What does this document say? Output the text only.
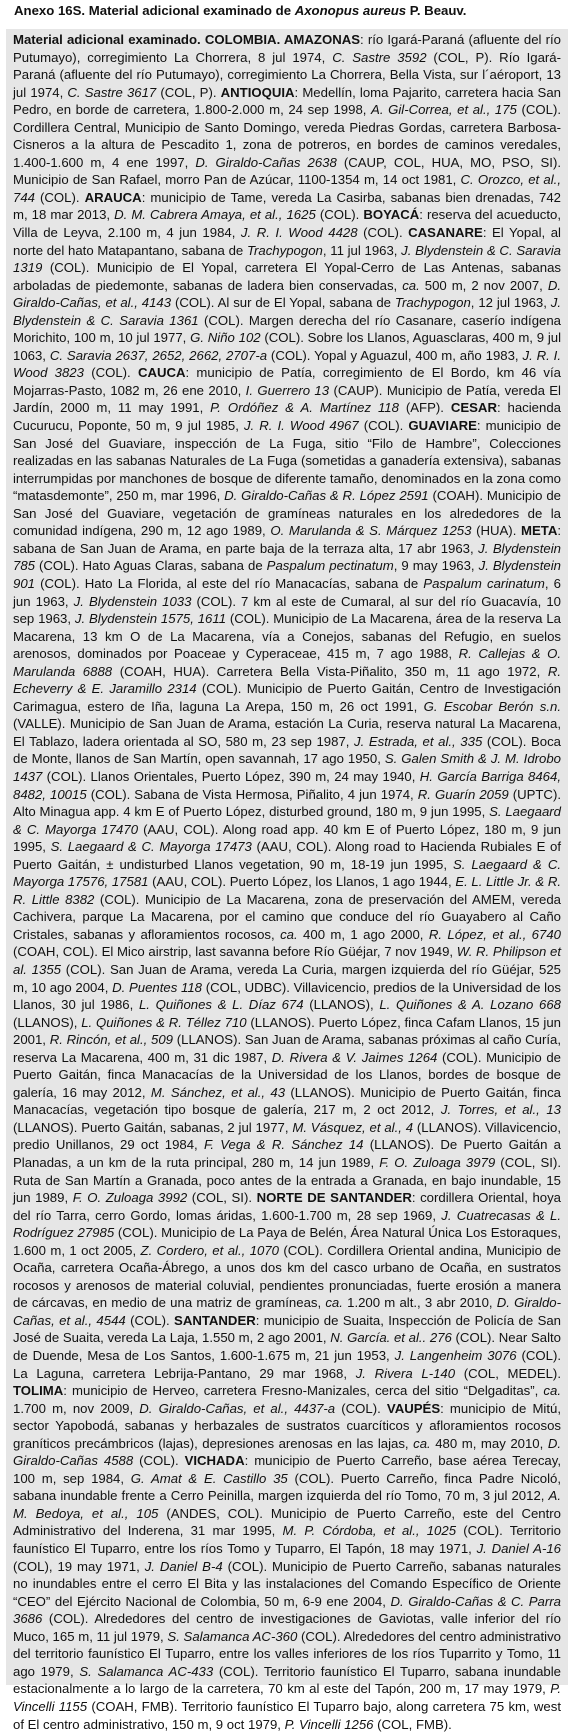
Anexo 16S. Material adicional examinado de Axonopus aureus P. Beauv.

Material adicional examinado. COLOMBIA. AMAZONAS: río Igará-Paraná (afluente del río Putumayo), corregimiento La Chorrera, 8 jul 1974, C. Sastre 3592 (COL, P). Río Igará-Paraná (afluente del río Putumayo), corregimiento La Chorrera, Bella Vista, sur l´aéroport, 13 jul 1974, C. Sastre 3617 (COL, P). ANTIOQUIA: Medellín, loma Pajarito, carretera hacia San Pedro, en borde de carretera, 1.800-2.000 m, 24 sep 1998, A. Gil-Correa, et al., 175 (COL). Cordillera Central, Municipio de Santo Domingo, vereda Piedras Gordas, carretera Barbosa-Cisneros a la altura de Pescadito 1, zona de potreros, en bordes de caminos veredales, 1.400-1.600 m, 4 ene 1997, D. Giraldo-Cañas 2638 (CAUP, COL, HUA, MO, PSO, SI). Municipio de San Rafael, morro Pan de Azúcar, 1100-1354 m, 14 oct 1981, C. Orozco, et al., 744 (COL). ARAUCA: municipio de Tame, vereda La Casirba, sabanas bien drenadas, 742 m, 18 mar 2013, D. M. Cabrera Amaya, et al., 1625 (COL). BOYACÁ: reserva del acueducto, Villa de Leyva, 2.100 m, 4 jun 1984, J. R. I. Wood 4428 (COL). CASANARE: El Yopal, al norte del hato Matapantano, sabana de Trachypogon, 11 jul 1963, J. Blydenstein & C. Saravia 1319 (COL). Municipio de El Yopal, carretera El Yopal-Cerro de Las Antenas, sabanas arboladas de piedemonte, sabanas de ladera bien conservadas, ca. 500 m, 2 nov 2007, D. Giraldo-Cañas, et al., 4143 (COL). Al sur de El Yopal, sabana de Trachypogon, 12 jul 1963, J. Blydenstein & C. Saravia 1361 (COL). Margen derecha del río Casanare, caserío indígena Morichito, 100 m, 10 jul 1977, G. Niño 102 (COL). Sobre los Llanos, Aguasclaras, 400 m, 9 jul 1063, C. Saravia 2637, 2652, 2662, 2707-a (COL). Yopal y Aguazul, 400 m, año 1983, J. R. I. Wood 3823 (COL). CAUCA: municipio de Patía, corregimiento de El Bordo, km 46 vía Mojarras-Pasto, 1082 m, 26 ene 2010, I. Guerrero 13 (CAUP). Municipio de Patía, vereda El Jardín, 2000 m, 11 may 1991, P. Ordóñez & A. Martínez 118 (AFP). CESAR: hacienda Cucurucu, Poponte, 50 m, 9 jul 1985, J. R. I. Wood 4967 (COL). GUAVIARE: municipio de San José del Guaviare, inspección de La Fuga, sitio “Filo de Hambre”, Colecciones realizadas en las sabanas Naturales de La Fuga (sometidas a ganadería extensiva), sabanas interrumpidas por manchones de bosque de diferente tamaño, denominados en la zona como “matasdemonte”, 250 m, mar 1996, D. Giraldo-Cañas & R. López 2591 (COAH). Municipio de San José del Guaviare, vegetación de gramíneas naturales en los alrededores de la comunidad indígena, 290 m, 12 ago 1989, O. Marulanda & S. Márquez 1253 (HUA). META: sabana de San Juan de Arama, en parte baja de la terraza alta, 17 abr 1963, J. Blydenstein 785 (COL). Hato Aguas Claras, sabana de Paspalum pectinatum, 9 may 1963, J. Blydenstein 901 (COL). Hato La Florida, al este del río Manacacías, sabana de Paspalum carinatum, 6 jun 1963, J. Blydenstein 1033 (COL). 7 km al este de Cumaral, al sur del río Guacavía, 10 sep 1963, J. Blydenstein 1575, 1611 (COL). Municipio de La Macarena, área de la reserva La Macarena, 13 km O de La Macarena, vía a Conejos, sabanas del Refugio, en suelos arenosos, dominados por Poaceae y Cyperaceae, 415 m, 7 ago 1988, R. Callejas & O. Marulanda 6888 (COAH, HUA). Carretera Bella Vista-Piñalito, 350 m, 11 ago 1972, R. Echeverry & E. Jaramillo 2314 (COL). Municipio de Puerto Gaitán, Centro de Investigación Carimagua, estero de Iña, laguna La Arepa, 150 m, 26 oct 1991, G. Escobar Berón s.n. (VALLE). Municipio de San Juan de Arama, estación La Curia, reserva natural La Macarena, El Tablazo, ladera orientada al SO, 580 m, 23 sep 1987, J. Estrada, et al., 335 (COL). Boca de Monte, llanos de San Martín, open savannah, 17 ago 1950, S. Galen Smith & J. M. Idrobo 1437 (COL). Llanos Orientales, Puerto López, 390 m, 24 may 1940, H. García Barriga 8464, 8482, 10015 (COL). Sabana de Vista Hermosa, Piñalito, 4 jun 1974, R. Guarín 2059 (UPTC). Alto Minagua app. 4 km E of Puerto López, disturbed ground, 180 m, 9 jun 1995, S. Laegaard & C. Mayorga 17470 (AAU, COL). Along road app. 40 km E of Puerto López, 180 m, 9 jun 1995, S. Laegaard & C. Mayorga 17473 (AAU, COL). Along road to Hacienda Rubiales E of Puerto Gaitán, ± undisturbed Llanos vegetation, 90 m, 18-19 jun 1995, S. Laegaard & C. Mayorga 17576, 17581 (AAU, COL). Puerto López, los Llanos, 1 ago 1944, E. L. Little Jr. & R. R. Little 8382 (COL). Municipio de La Macarena, zona de preservación del AMEM, vereda Cachivera, parque La Macarena, por el camino que conduce del río Guayabero al Caño Cristales, sabanas y afloramientos rocosos, ca. 400 m, 1 ago 2000, R. López, et al., 6740 (COAH, COL). El Mico airstrip, last savanna before Río Güéjar, 7 nov 1949, W. R. Philipson et al. 1355 (COL). San Juan de Arama, vereda La Curia, margen izquierda del río Güéjar, 525 m, 10 ago 2004, D. Puentes 118 (COL, UDBC). Villavicencio, predios de la Universidad de los Llanos, 30 jul 1986, L. Quiñones & L. Díaz 674 (LLANOS), L. Quiñones & A. Lozano 668 (LLANOS), L. Quiñones & R. Téllez 710 (LLANOS). Puerto López, finca Cafam Llanos, 15 jun 2001, R. Rincón, et al., 509 (LLANOS). San Juan de Arama, sabanas próximas al caño Curía, reserva La Macarena, 400 m, 31 dic 1987, D. Rivera & V. Jaimes 1264 (COL). Municipio de Puerto Gaitán, finca Manacacías de la Universidad de los Llanos, bordes de bosque de galería, 16 may 2012, M. Sánchez, et al., 43 (LLANOS). Municipio de Puerto Gaitán, finca Manacacías, vegetación tipo bosque de galería, 217 m, 2 oct 2012, J. Torres, et al., 13 (LLANOS). Puerto Gaitán, sabanas, 2 jul 1977, M. Vásquez, et al., 4 (LLANOS). Villavicencio, predio Unillanos, 29 oct 1984, F. Vega & R. Sánchez 14 (LLANOS). De Puerto Gaitán a Planadas, a un km de la ruta principal, 280 m, 14 jun 1989, F. O. Zuloaga 3979 (COL, SI). Ruta de San Martín a Granada, poco antes de la entrada a Granada, en bajo inundable, 15 jun 1989, F. O. Zuloaga 3992 (COL, SI). NORTE DE SANTANDER: cordillera Oriental, hoya del río Tarra, cerro Gordo, lomas áridas, 1.600-1.700 m, 28 sep 1969, J. Cuatrecasas & L. Rodríguez 27985 (COL). Municipio de La Paya de Belén, Área Natural Única Los Estoraques, 1.600 m, 1 oct 2005, Z. Cordero, et al., 1070 (COL). Cordillera Oriental andina, Municipio de Ocaña, carretera Ocaña-Ábrego, a unos dos km del casco urbano de Ocaña, en sustratos rocosos y arenosos de material coluvial, pendientes pronunciadas, fuerte erosión a manera de cárcavas, en medio de una matriz de gramíneas, ca. 1.200 m alt., 3 abr 2010, D. Giraldo-Cañas, et al., 4544 (COL). SANTANDER: municipio de Suaita, Inspección de Policía de San José de Suaita, vereda La Laja, 1.550 m, 2 ago 2001, N. García. et al.. 276 (COL). Near Salto de Duende, Mesa de Los Santos, 1.600-1.675 m, 21 jun 1953, J. Langenheim 3076 (COL). La Laguna, carretera Lebrija-Pantano, 29 mar 1968, J. Rivera L-140 (COL, MEDEL). TOLIMA: municipio de Herveo, carretera Fresno-Manizales, cerca del sitio “Delgaditas”, ca. 1.700 m, nov 2009, D. Giraldo-Cañas, et al., 4437-a (COL). VAUPÉS: municipio de Mitú, sector Yapobodá, sabanas y herbazales de sustratos cuarcíticos y afloramientos rocosos graníticos precámbricos (lajas), depresiones arenosas en las lajas, ca. 480 m, may 2010, D. Giraldo-Cañas 4588 (COL). VICHADA: municipio de Puerto Carreño, base aérea Terecay, 100 m, sep 1984, G. Amat & E. Castillo 35 (COL). Puerto Carreño, finca Padre Nicoló, sabana inundable frente a Cerro Peinilla, margen izquierda del río Tomo, 70 m, 3 jul 2012, A. M. Bedoya, et al., 105 (ANDES, COL). Municipio de Puerto Carreño, este del Centro Administrativo del Inderena, 31 mar 1995, M. P. Córdoba, et al., 1025 (COL). Territorio faunístico El Tuparro, entre los ríos Tomo y Tuparro, El Tapón, 18 may 1971, J. Daniel A-16 (COL), 19 may 1971, J. Daniel B-4 (COL). Municipio de Puerto Carreño, sabanas naturales no inundables entre el cerro El Bita y las instalaciones del Comando Específico de Oriente “CEO” del Ejército Nacional de Colombia, 50 m, 6-9 ene 2004, D. Giraldo-Cañas & C. Parra 3686 (COL). Alrededores del centro de investigaciones de Gaviotas, valle inferior del río Muco, 165 m, 11 jul 1979, S. Salamanca AC-360 (COL). Alrededores del centro administrativo del territorio faunístico El Tuparro, entre los valles inferiores de los ríos Tuparrito y Tomo, 11 ago 1979, S. Salamanca AC-433 (COL). Territorio faunístico El Tuparro, sabana inundable estacionalmente a lo largo de la carretera, 70 km al este del Tapón, 200 m, 17 may 1979, P. Vincelli 1155 (COAH, FMB). Territorio faunístico El Tuparro bajo, along carretera 75 km, west of El centro administrativo, 150 m, 9 oct 1979, P. Vincelli 1256 (COL, FMB).
